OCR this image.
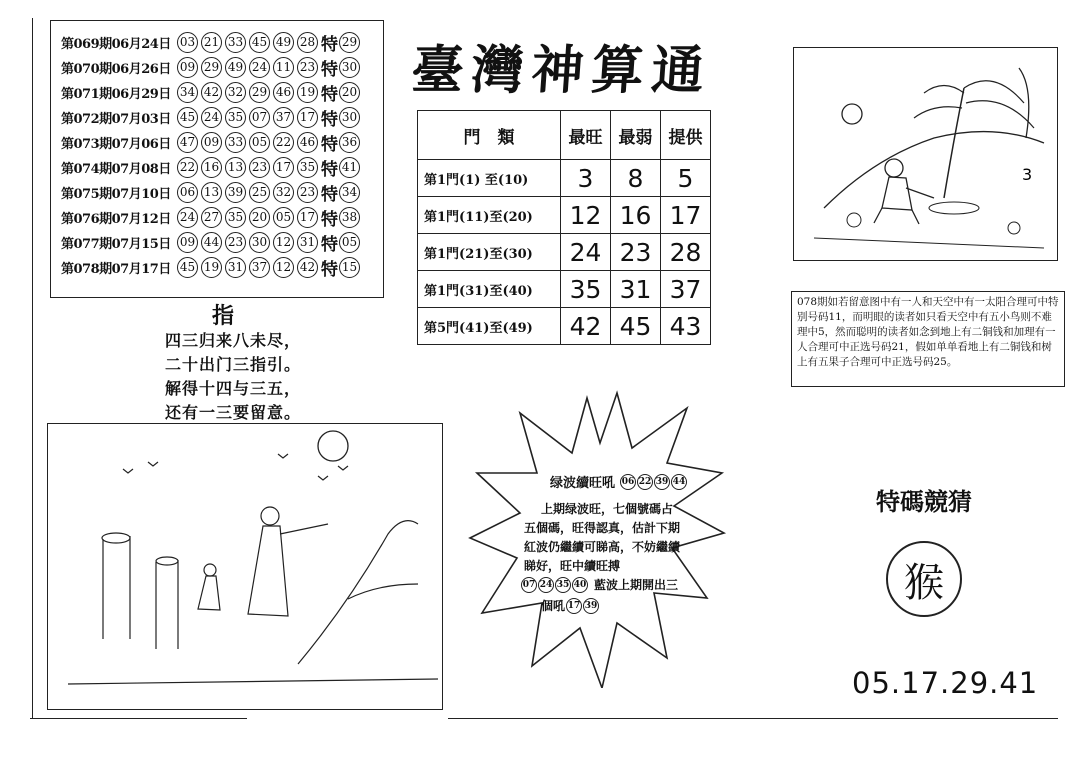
臺灣神算通
第069期06月24日 03 21 33 45 49 28 特 29
第070期06月26日 09 29 49 24 11 23 特 30
第071期06月29日 34 42 32 29 46 19 特 20
第072期07月03日 45 24 35 07 37 17 特 30
第073期07月06日 47 09 33 05 22 46 特 36
第074期07月08日 22 16 13 23 17 35 特 41
第075期07月10日 06 13 39 25 32 23 特 34
第076期07月12日 24 27 35 20 05 17 特 38
第077期07月15日 09 44 23 30 12 31 特 05
第078期07月17日 45 19 31 37 12 42 特 15
門　類	最旺	最弱	提供
第1門(1) 至(10)	3	8	5
第1門(11)至(20)	12	16	17
第1門(21)至(30)	24	23	28
第1門(31)至(40)	35	31	37
第5門(41)至(49)	42	45	43
指
四三归来八未尽，
二十出门三指引。
解得十四与三五，
还有一三要留意。
3
078期如若留意图中有一人和天空中有一太阳合理可中特别号码11，而明眼的读者如只看天空中有五小鸟则不难理中5，然而聪明的读者如念到地上有二铜钱和加理有一人合理可中正选号码21，假如单单看地上有二铜钱和树上有五果子合理可中正选号码25。
绿波續旺吼 06 22 39 44
上期绿波旺，七個號碼占
五個碼，旺得認真，估計下期
紅波仍繼續可睇高，不妨繼續
睇好，旺中續旺搏
07 24 35 40 藍波上期開出三
個吼 17 39
特碼競猜
猴
05.17.29.41
